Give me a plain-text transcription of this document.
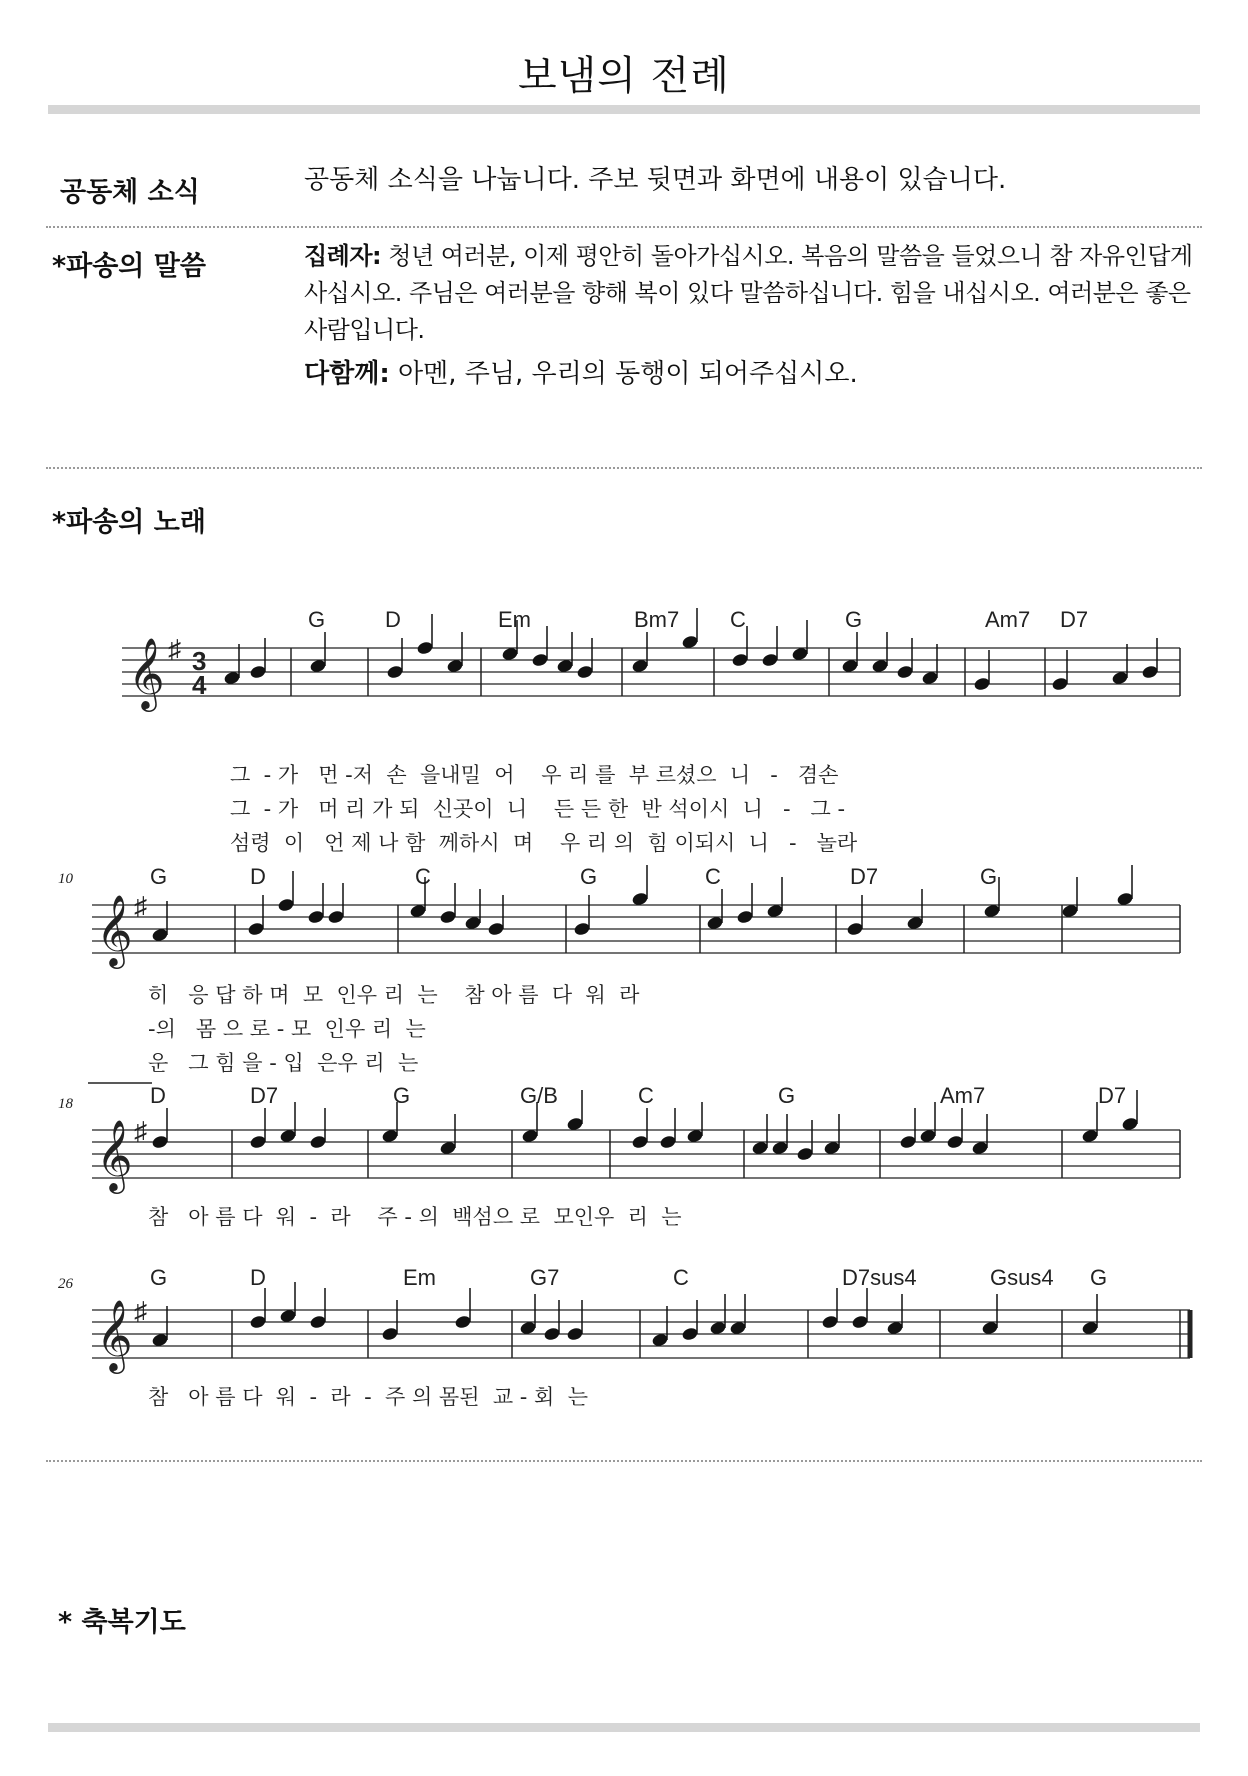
보냄의 전례
공동체 소식	공동체 소식을 나눕니다. 주보 뒷면과 화면에 내용이 있습니다.
*파송의 말씀	집례자: 청년 여러분, 이제 평안히 돌아가십시오. 복음의 말씀을 들었으니 참 자유인답게 사십시오. 주님은 여러분을 향해 복이 있다 말씀하십니다. 힘을 내십시오. 여러분은 좋은 사람입니다.
다함께: 아멘, 주님, 우리의 동행이 되어주십시오.
*파송의 노래
𝄞 ♯ 3
4
G	D	Em	Bm7 C	G	Am7 D7
그  - 가   먼 -저  손  을내밀  어    우 리 를  부 르셨으  니   -   겸손
그  - 가   머 리 가 되  신곳이  니    든 든 한  반 석이시  니   -   그 -
섬령  이   언 제 나 함  께하시  며    우 리 의  힘 이되시  니   -   놀라
𝄞 ♯
10	G	D	C	G	C	D7	G
히   응 답 하 며  모  인우 리  는    참 아 름  다  워  라
-의   몸 으 로 - 모  인우 리  는
운   그 힘 을 - 입  은우 리  는
𝄞 ♯
18	D	D7	G	G/B	C	G	Am7	D7
참   아 름 다  워  -  라    주 - 의  백섬으 로  모인우  리  는
𝄞 ♯
26	G	D	Em	G7	C	D7sus4	Gsus4 G
참   아 름 다  워  -  라  -  주 의 몸된  교 - 회  는
* 축복기도
